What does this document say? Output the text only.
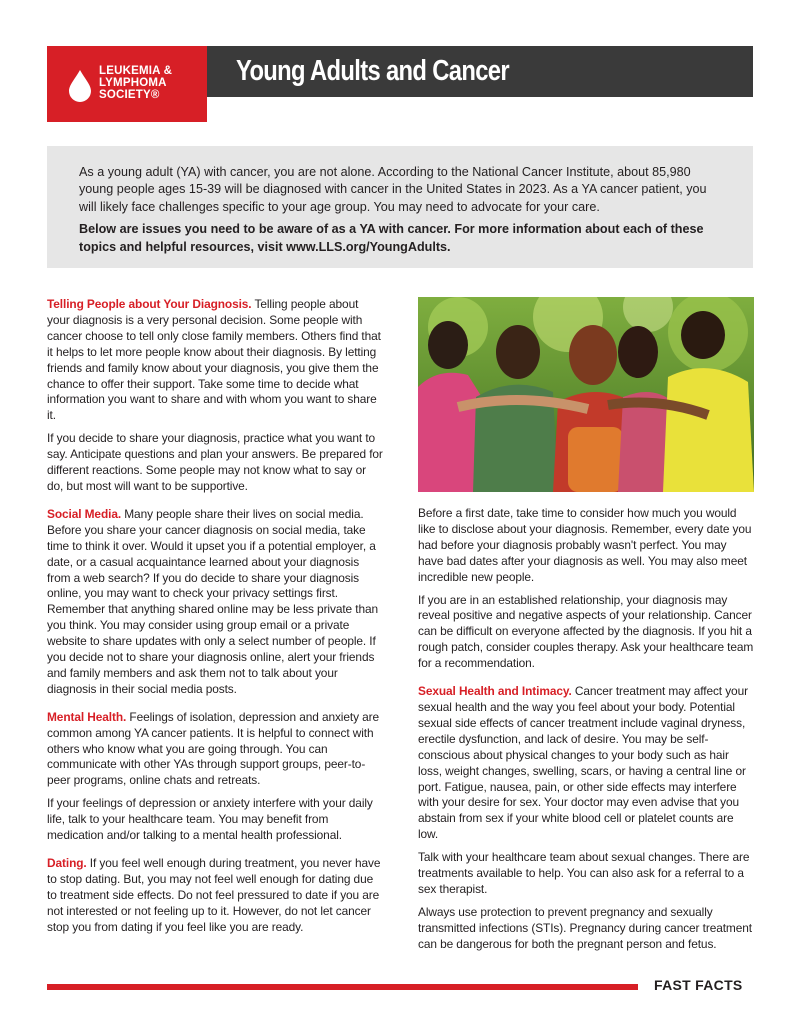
LEUKEMIA &
LYMPHOMA
SOCIETY®
Young Adults and Cancer

As a young adult (YA) with cancer, you are not alone. According to the National Cancer Institute, about 85,980 young people ages 15-39 will be diagnosed with cancer in the United States in 2023. As a YA cancer patient, you will likely face challenges specific to your age group. You may need to advocate for your care.

Below are issues you need to be aware of as a YA with cancer. For more information about each of these topics and helpful resources, visit www.LLS.org/YoungAdults.

Telling People about Your Diagnosis. Telling people about your diagnosis is a very personal decision. Some people with cancer choose to tell only close family members. Others find that it helps to let more people know about their diagnosis. By letting friends and family know about your diagnosis, you give them the chance to offer their support. Take some time to decide what information you want to share and with whom you want to share it.

If you decide to share your diagnosis, practice what you want to say. Anticipate questions and plan your answers. Be prepared for different reactions. Some people may not know what to say or do, but most will want to be supportive.

Social Media. Many people share their lives on social media. Before you share your cancer diagnosis on social media, take time to think it over. Would it upset you if a potential employer, a date, or a casual acquaintance learned about your diagnosis from a web search? If you do decide to share your diagnosis online, you may want to check your privacy settings first. Remember that anything shared online may be less private than you think. You may consider using group email or a private website to share updates with only a select number of people. If you decide not to share your diagnosis online, alert your friends and family members and ask them not to talk about your diagnosis in their social media posts.

Mental Health. Feelings of isolation, depression and anxiety are common among YA cancer patients. It is helpful to connect with others who know what you are going through. You can communicate with other YAs through support groups, peer-to-peer programs, online chats and retreats.

If your feelings of depression or anxiety interfere with your daily life, talk to your healthcare team. You may benefit from medication and/or talking to a mental health professional.

Dating. If you feel well enough during treatment, you never have to stop dating. But, you may not feel well enough for dating due to treatment side effects. Do not feel pressured to date if you are not interested or not feeling up to it. However, do not let cancer stop you from dating if you feel like you are ready.

Before a first date, take time to consider how much you would like to disclose about your diagnosis. Remember, every date you had before your diagnosis probably wasn't perfect. You may have bad dates after your diagnosis as well. You may also meet incredible new people.

If you are in an established relationship, your diagnosis may reveal positive and negative aspects of your relationship. Cancer can be difficult on everyone affected by the diagnosis. If you hit a rough patch, consider couples therapy. Ask your healthcare team for a recommendation.

Sexual Health and Intimacy. Cancer treatment may affect your sexual health and the way you feel about your body. Potential sexual side effects of cancer treatment include vaginal dryness, erectile dysfunction, and lack of desire. You may be self-conscious about physical changes to your body such as hair loss, weight changes, swelling, scars, or having a central line or port. Fatigue, nausea, pain, or other side effects may interfere with your desire for sex. Your doctor may even advise that you abstain from sex if your white blood cell or platelet counts are low.

Talk with your healthcare team about sexual changes. There are treatments available to help. You can also ask for a referral to a sex therapist.

Always use protection to prevent pregnancy and sexually transmitted infections (STIs). Pregnancy during cancer treatment can be dangerous for both the pregnant person and fetus.

FAST FACTS
